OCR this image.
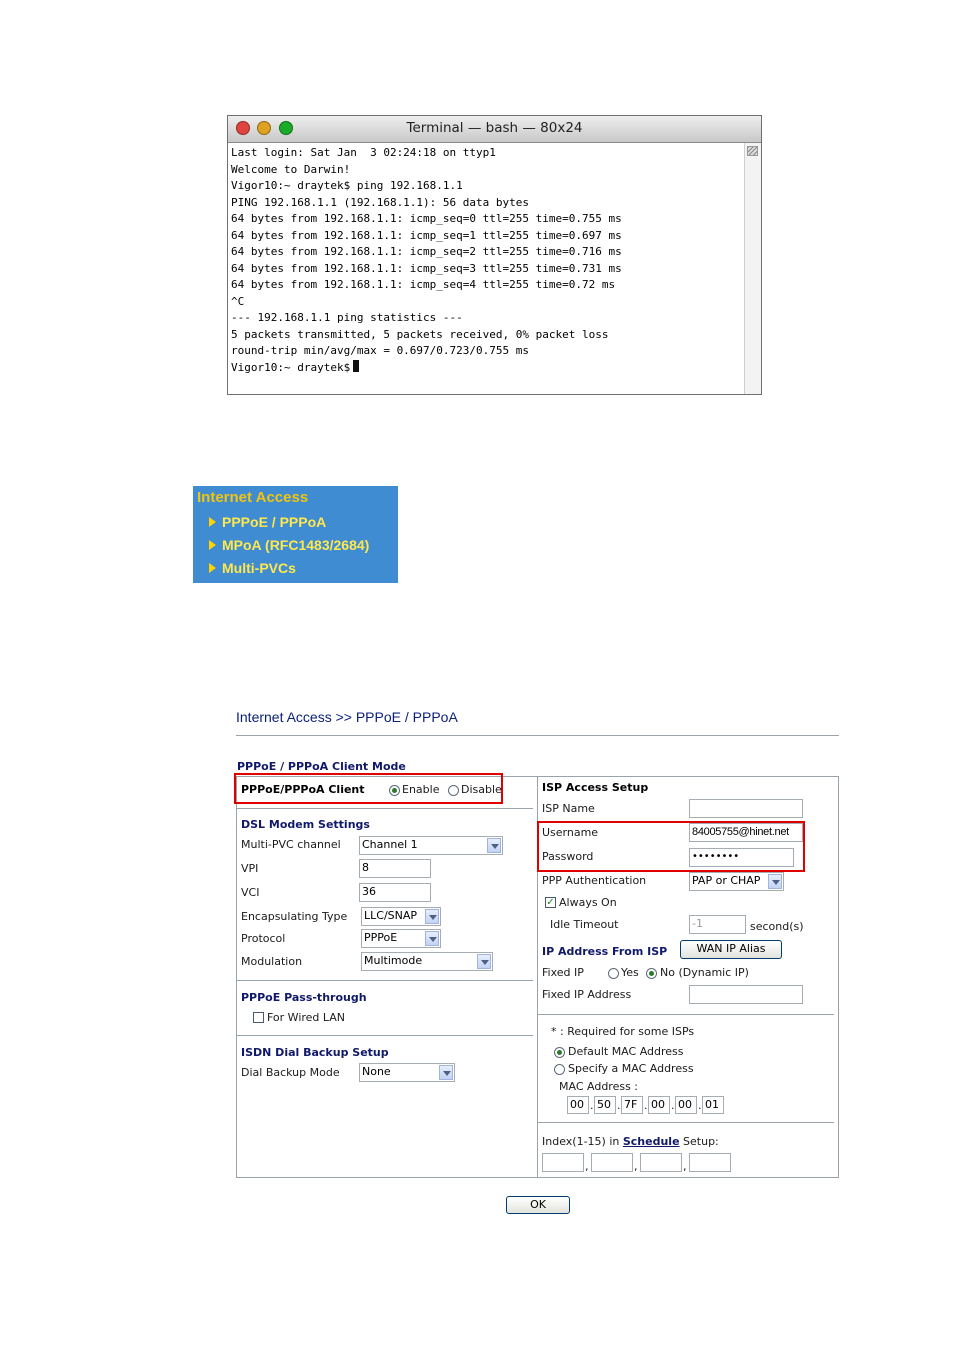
Terminal — bash — 80x24
Last login: Sat Jan  3 02:24:18 on ttyp1
Welcome to Darwin!
Vigor10:~ draytek$ ping 192.168.1.1
PING 192.168.1.1 (192.168.1.1): 56 data bytes
64 bytes from 192.168.1.1: icmp_seq=0 ttl=255 time=0.755 ms
64 bytes from 192.168.1.1: icmp_seq=1 ttl=255 time=0.697 ms
64 bytes from 192.168.1.1: icmp_seq=2 ttl=255 time=0.716 ms
64 bytes from 192.168.1.1: icmp_seq=3 ttl=255 time=0.731 ms
64 bytes from 192.168.1.1: icmp_seq=4 ttl=255 time=0.72 ms
^C
--- 192.168.1.1 ping statistics ---
5 packets transmitted, 5 packets received, 0% packet loss
round-trip min/avg/max = 0.697/0.723/0.755 ms
Vigor10:~ draytek$
Internet Access
PPPoE / PPPoA
MPoA (RFC1483/2684)
Multi-PVCs
Internet Access >> PPPoE / PPPoA
PPPoE / PPPoA Client Mode
PPPoE/PPPoA Client	Enable Disable
DSL Modem Settings
Multi-PVC channel Channel 1
VPI	8
VCI	36
Encapsulating Type LLC/SNAP
Protocol	PPPoE
Modulation	Multimode
PPPoE Pass-through
For Wired LAN
ISDN Dial Backup Setup
Dial Backup Mode None
ISP Access Setup
ISP Name
Username	84005755@hinet.net
Password	••••••••
PPP Authentication	PAP or CHAP
✓ Always On
Idle Timeout	-1	second(s)
IP Address From ISP	WAN IP Alias
Fixed IP	Yes No (Dynamic IP)
Fixed IP Address
* : Required for some ISPs
Default MAC Address
Specify a MAC Address
MAC Address :
00 . 50 . 7F . 00 . 00 . 01
Index(1-15) in Schedule Setup:
,	,	,
OK
